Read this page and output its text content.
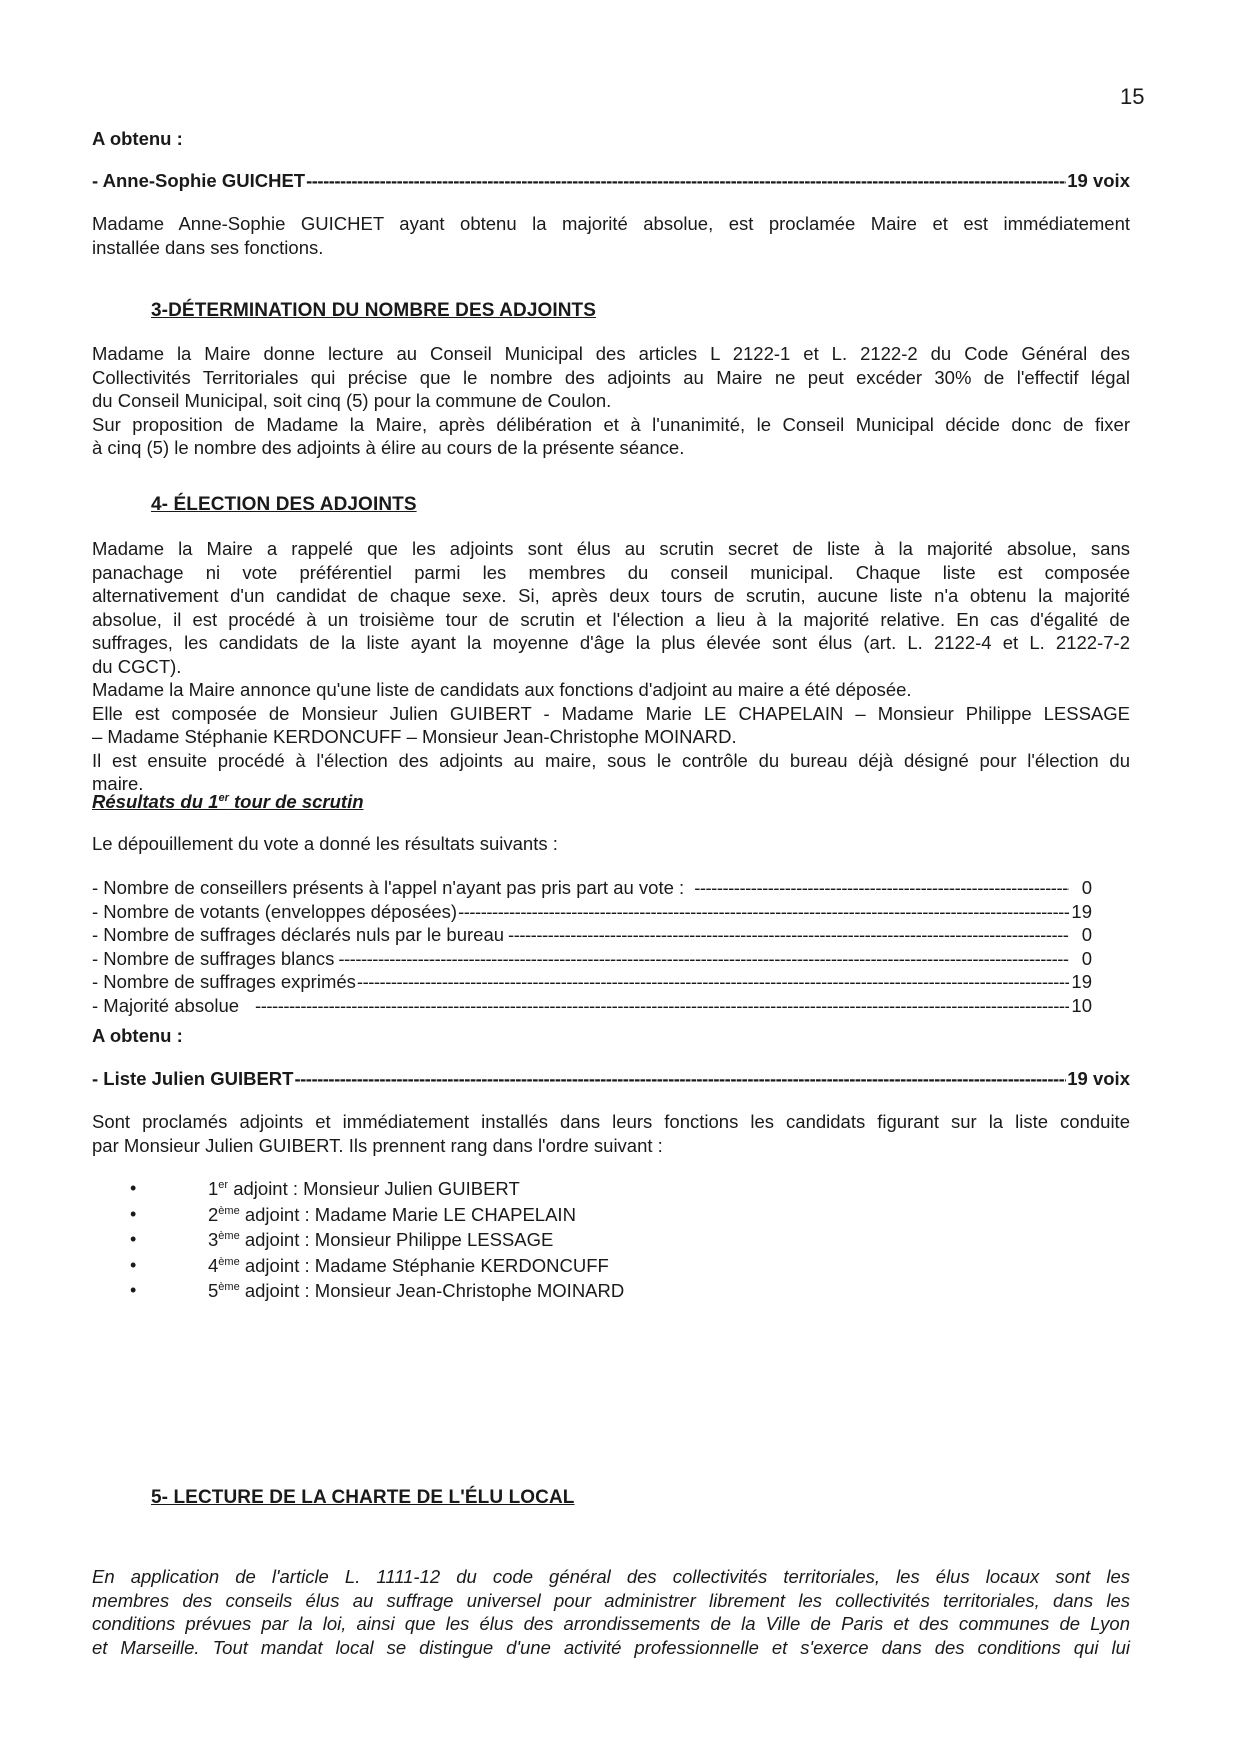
15
A obtenu :
- Anne-Sophie GUICHET -----	19 voix
Madame Anne-Sophie GUICHET ayant obtenu la majorité absolue, est proclamée Maire et est immédiatement
installée dans ses fonctions.
3-DÉTERMINATION DU NOMBRE DES ADJOINTS
Madame la Maire donne lecture au Conseil Municipal des articles L 2122-1 et L. 2122-2 du Code Général des
Collectivités Territoriales qui précise que le nombre des adjoints au Maire ne peut excéder 30% de l'effectif légal
du Conseil Municipal, soit cinq (5) pour la commune de Coulon.
Sur proposition de Madame la Maire, après délibération et à l'unanimité, le Conseil Municipal décide donc de fixer
à cinq (5) le nombre des adjoints à élire au cours de la présente séance.
4- ÉLECTION DES ADJOINTS
Madame la Maire a rappelé que les adjoints sont élus au scrutin secret de liste à la majorité absolue, sans
panachage ni vote préférentiel parmi les membres du conseil municipal. Chaque liste est composée
alternativement d'un candidat de chaque sexe. Si, après deux tours de scrutin, aucune liste n'a obtenu la majorité
absolue, il est procédé à un troisième tour de scrutin et l'élection a lieu à la majorité relative. En cas d'égalité de
suffrages, les candidats de la liste ayant la moyenne d'âge la plus élevée sont élus (art. L. 2122-4 et L. 2122-7-2
du CGCT).
Madame la Maire annonce qu'une liste de candidats aux fonctions d'adjoint au maire a été déposée.
Elle est composée de Monsieur Julien GUIBERT - Madame Marie LE CHAPELAIN – Monsieur Philippe LESSAGE
– Madame Stéphanie KERDONCUFF – Monsieur Jean-Christophe MOINARD.
Il est ensuite procédé à l'élection des adjoints au maire, sous le contrôle du bureau déjà désigné pour l'élection du
maire.
Résultats du 1er tour de scrutin
Le dépouillement du vote a donné les résultats suivants :
- Nombre de conseillers présents à l'appel n'ayant pas pris part au vote : -----	0
- Nombre de votants (enveloppes déposées) -----	19
- Nombre de suffrages déclarés nuls par le bureau -----	0
- Nombre de suffrages blancs -----	0
- Nombre de suffrages exprimés -----	19
- Majorité absolue -----	10
A obtenu :
- Liste Julien GUIBERT -----	19 voix
Sont proclamés adjoints et immédiatement installés dans leurs fonctions les candidats figurant sur la liste conduite
par Monsieur Julien GUIBERT. Ils prennent rang dans l'ordre suivant :
•	1er adjoint : Monsieur Julien GUIBERT
•	2ème adjoint : Madame Marie LE CHAPELAIN
•	3ème adjoint : Monsieur Philippe LESSAGE
•	4ème adjoint : Madame Stéphanie KERDONCUFF
•	5ème adjoint : Monsieur Jean-Christophe MOINARD
5- LECTURE DE LA CHARTE DE L'ÉLU LOCAL
En application de l'article L. 1111-12 du code général des collectivités territoriales, les élus locaux sont les
membres des conseils élus au suffrage universel pour administrer librement les collectivités territoriales, dans les
conditions prévues par la loi, ainsi que les élus des arrondissements de la Ville de Paris et des communes de Lyon
et Marseille. Tout mandat local se distingue d'une activité professionnelle et s'exerce dans des conditions qui lui
